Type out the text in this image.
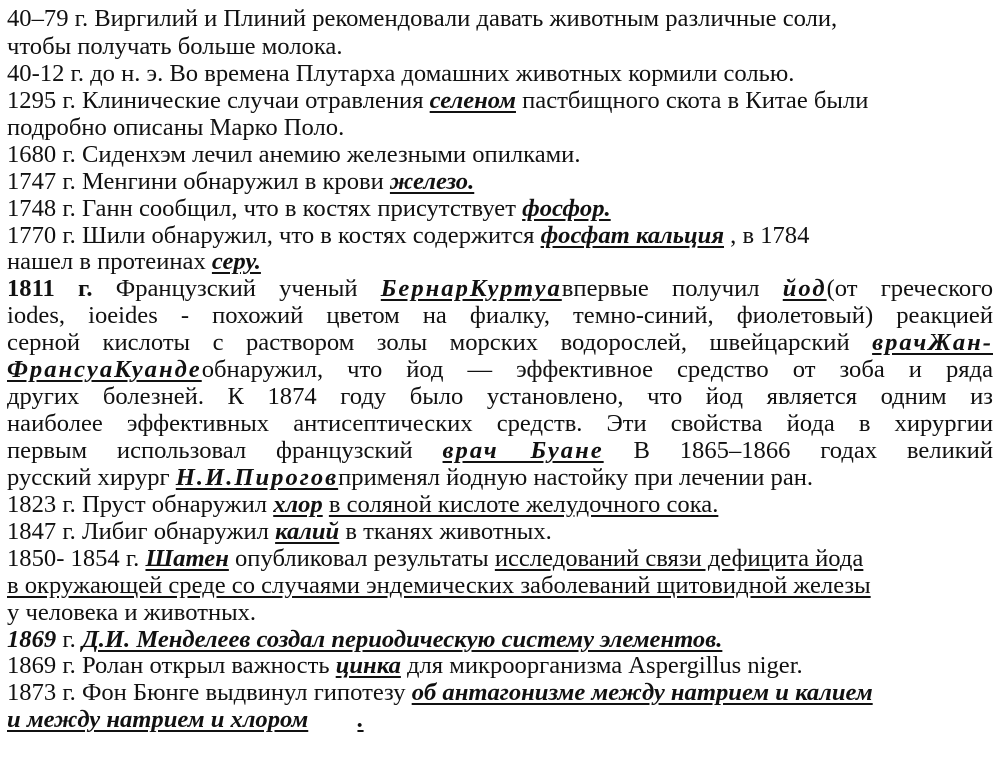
40–79 г. Виргилий и Плиний рекомендовали давать животным различные соли,
чтобы получать больше молока.
40-12 г. до н. э. Во времена Плутарха домашних животных кормили солью.
1295 г. Клинические случаи отравления селеном пастбищного скота в Китае были
подробно описаны Марко Поло.
1680 г. Сиденхэм лечил анемию железными опилками.
1747 г. Менгини обнаружил в крови железо.
1748 г. Ганн сообщил, что в костях присутствует фосфор.
1770 г. Шили обнаружил, что в костях содержится фосфат кальция , в 1784
нашел в протеинах серу.
1811 г. Французский ученый БернарКуртуавпервые получил йод(от греческого
iodes, ioeides - похожий цветом на фиалку, темно-синий, фиолетовый) реакцией
серной кислоты с раствором золы морских водорослей, швейцарский врачЖан-
ФрансуаКуандеобнаружил, что йод — эффективное средство от зоба и ряда
других болезней. К 1874 году было установлено, что йод является одним из
наиболее эффективных антисептических средств. Эти свойства йода в хирургии
первым использовал французский врач Буане В 1865–1866 годах великий
русский хирург Н.И.Пироговприменял йодную настойку при лечении ран.
1823 г. Пруст обнаружил хлор в соляной кислоте желудочного сока.
1847 г. Либиг обнаружил калий в тканях животных.
1850- 1854 г. Шатен опубликовал результаты исследований связи дефицита йода
в окружающей среде со случаями эндемических заболеваний щитовидной железы
у человека и животных.
1869 г. Д.И. Менделеев создал периодическую систему элементов.
1869 г. Ролан открыл важность цинка для микроорганизма Aspergillus niger.
1873 г. Фон Бюнге выдвинул гипотезу об антагонизме между натрием и калием
и между натрием и хлором .
